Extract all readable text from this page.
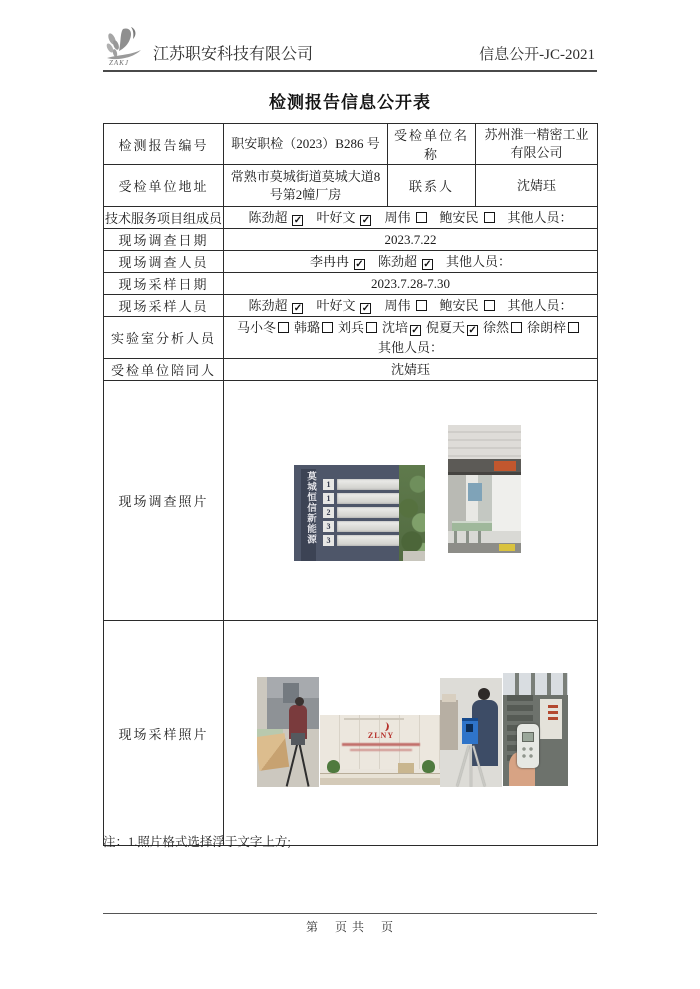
ZAKJ 江苏职安科技有限公司	信息公开-JC-2021
检测报告信息公开表
检测报告编号	职安职检（2023）B286 号	受检单位名称	苏州淮一精密工业有限公司
受检单位地址	常熟市莫城街道莫城大道8号第2幢厂房	联系人	沈婧珏
技术服务项目组成员	陈劲超 ✓ 叶好文 ✓ 周伟 鲍安民 其他人员：		
现场调查日期	2023.7.22		
现场调查人员	李冉冉 ✓ 陈劲超 ✓ 其他人员：		
现场采样日期	2023.7.28-7.30		
现场采样人员	陈劲超 ✓ 叶好文 ✓ 周伟 鲍安民 其他人员：		
实验室分析人员	马小冬 韩璐 刘兵 沈培 ✓ 倪夏天 ✓ 徐然 徐朗梓
其他人员：		

受检单位陪同人	沈婧珏		
现场调查照片	莫城恒信新能源	1
1
2
3
3

现场采样照片	ZLNY		
注：1.照片格式选择浮于文字上方;
第    页 共    页
